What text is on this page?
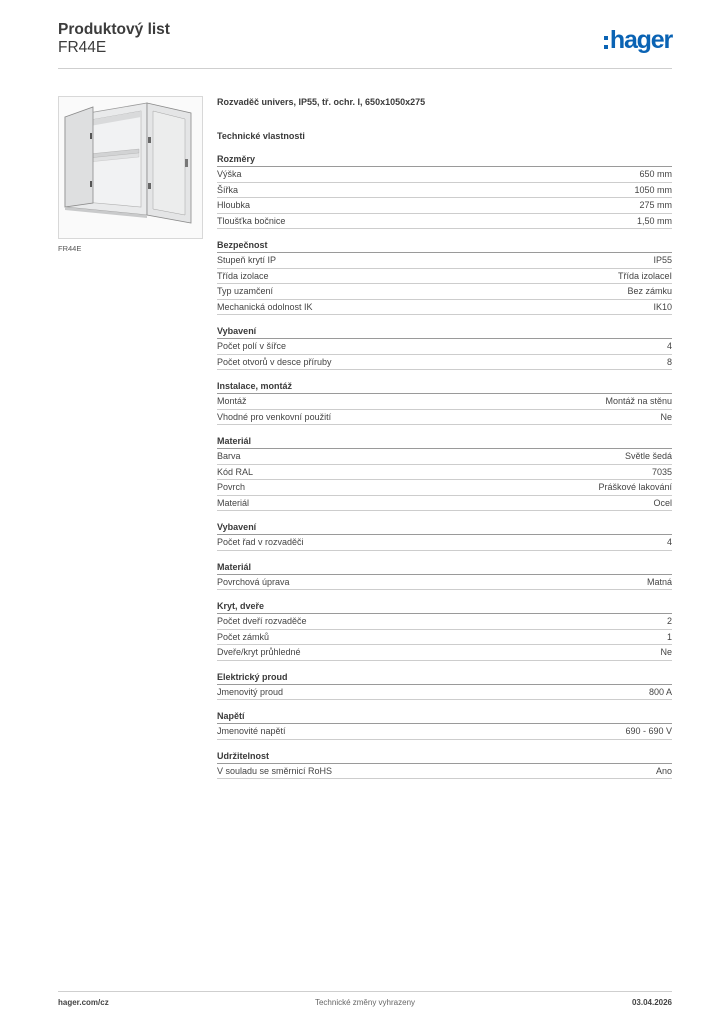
Produktový list
FR44E	hager
FR44E
Rozvaděč univers, IP55, tř. ochr. I, 650x1050x275
Technické vlastnosti
Rozměry
Výška	650 mm
Šířka	1050 mm
Hloubka	275 mm
Tloušťka bočnice	1,50 mm
Bezpečnost
Stupeň krytí IP	IP55
Třída izolace	Třída izolaceI
Typ uzamčení	Bez zámku
Mechanická odolnost IK	IK10
Vybavení
Počet polí v šířce	4
Počet otvorů v desce příruby	8
Instalace, montáž
Montáž	Montáž na stěnu
Vhodné pro venkovní použití	Ne
Materiál
Barva	Světle šedá
Kód RAL	7035
Povrch	Práškové lakování
Materiál	Ocel
Vybavení
Počet řad v rozvaděči	4
Materiál
Povrchová úprava	Matná
Kryt, dveře
Počet dveří rozvaděče	2
Počet zámků	1
Dveře/kryt průhledné	Ne
Elektrický proud
Jmenovitý proud	800 A
Napětí
Jmenovité napětí	690 - 690 V
Udržitelnost
V souladu se směrnicí RoHS	Ano
hager.com/cz	Technické změny vyhrazeny	03.04.2026
